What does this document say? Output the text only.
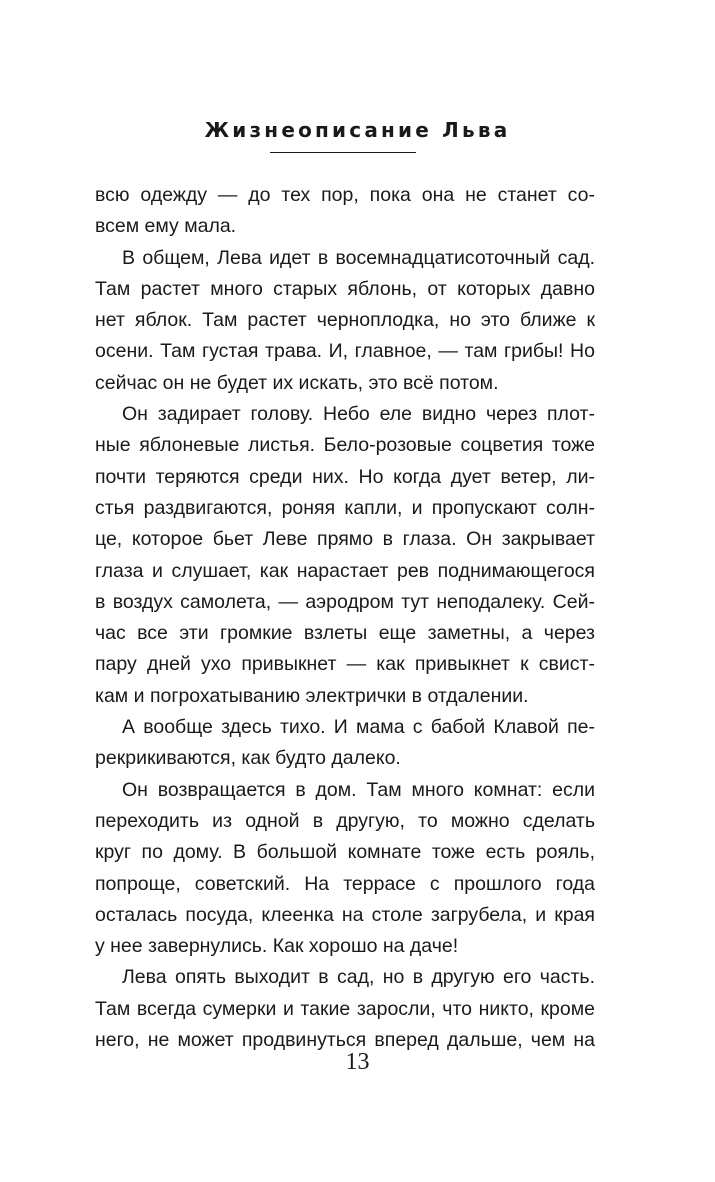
Жизнеописание Льва
всю одежду — до тех пор, пока она не станет со-
всем ему мала.
В общем, Лева идет в восемнадцатисоточный сад.
Там растет много старых яблонь, от которых давно
нет яблок. Там растет черноплодка, но это ближе к
осени. Там густая трава. И, главное, — там грибы! Но
сейчас он не будет их искать, это всё потом.
Он задирает голову. Небо еле видно через плот-
ные яблоневые листья. Бело-розовые соцветия тоже
почти теряются среди них. Но когда дует ветер, ли-
стья раздвигаются, роняя капли, и пропускают солн-
це, которое бьет Леве прямо в глаза. Он закрывает
глаза и слушает, как нарастает рев поднимающегося
в воздух самолета, — аэродром тут неподалеку. Сей-
час все эти громкие взлеты еще заметны, а через
пару дней ухо привыкнет — как привыкнет к свист-
кам и погрохатыванию электрички в отдалении.
А вообще здесь тихо. И мама с бабой Клавой пе-
рекрикиваются, как будто далеко.
Он возвращается в дом. Там много комнат: если
переходить из одной в другую, то можно сделать
круг по дому. В большой комнате тоже есть рояль,
попроще, советский. На террасе с прошлого года
осталась посуда, клеенка на столе загрубела, и края
у нее завернулись. Как хорошо на даче!
Лева опять выходит в сад, но в другую его часть.
Там всегда сумерки и такие заросли, что никто, кроме
него, не может продвинуться вперед дальше, чем на
13
